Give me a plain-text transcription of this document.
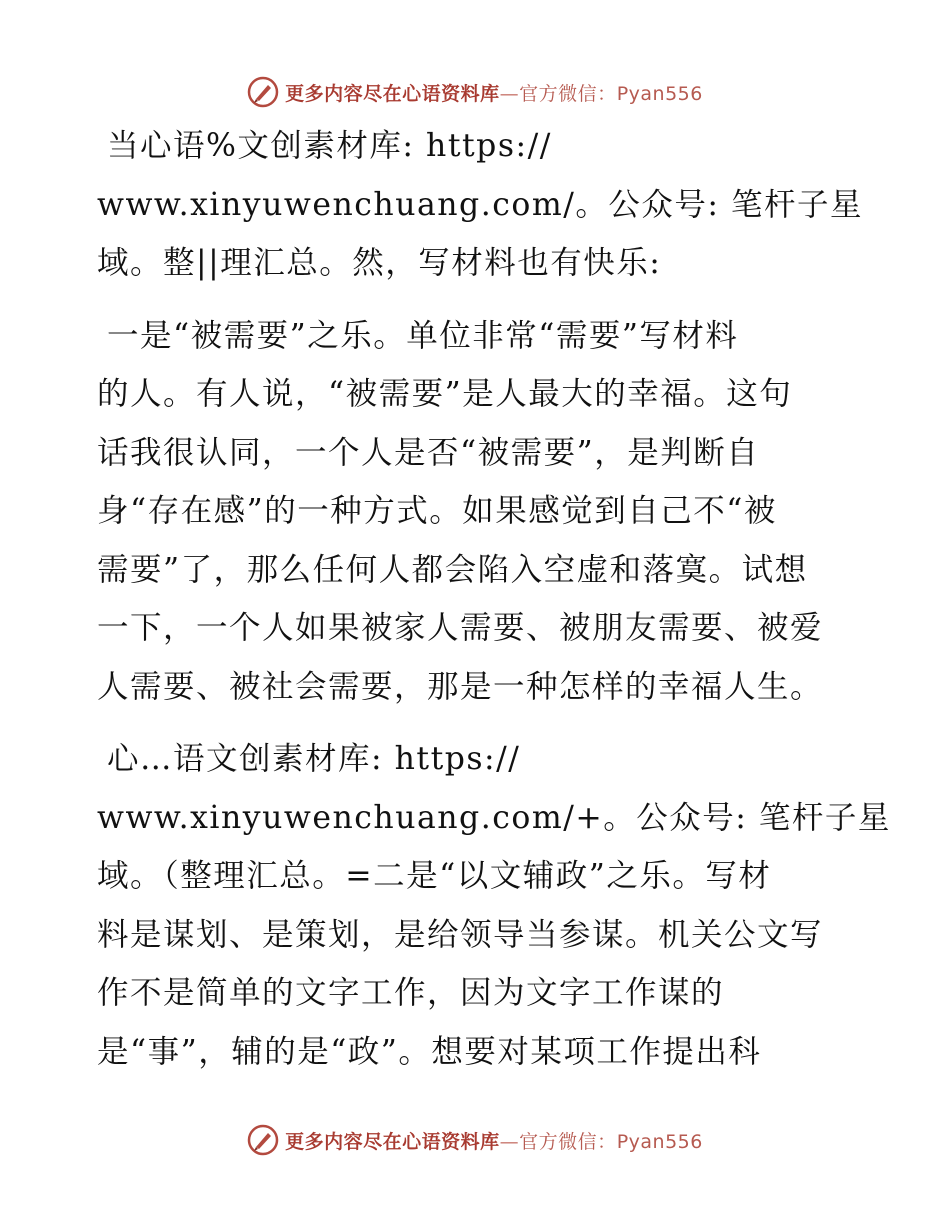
更多内容尽在心语资料库—官方微信：Pyan556
当心语%文创素材库: https://
www.xinyuwenchuang.com/。公众号: 笔杆子星
域。整||理汇总。然，写材料也有快乐:
一是“被需要”之乐。单位非常“需要”写材料
的人。有人说，“被需要”是人最大的幸福。这句
话我很认同，一个人是否“被需要”，是判断自
身“存在感”的一种方式。如果感觉到自己不“被
需要”了，那么任何人都会陷入空虚和落寞。试想
一下，一个人如果被家人需要、被朋友需要、被爱
人需要、被社会需要，那是一种怎样的幸福人生。
心…语文创素材库: https://
www.xinyuwenchuang.com/+。公众号: 笔杆子星
域。（整理汇总。=二是“以文辅政”之乐。写材
料是谋划、是策划，是给领导当参谋。机关公文写
作不是简单的文字工作，因为文字工作谋的
是“事”，辅的是“政”。想要对某项工作提出科
更多内容尽在心语资料库—官方微信：Pyan556
